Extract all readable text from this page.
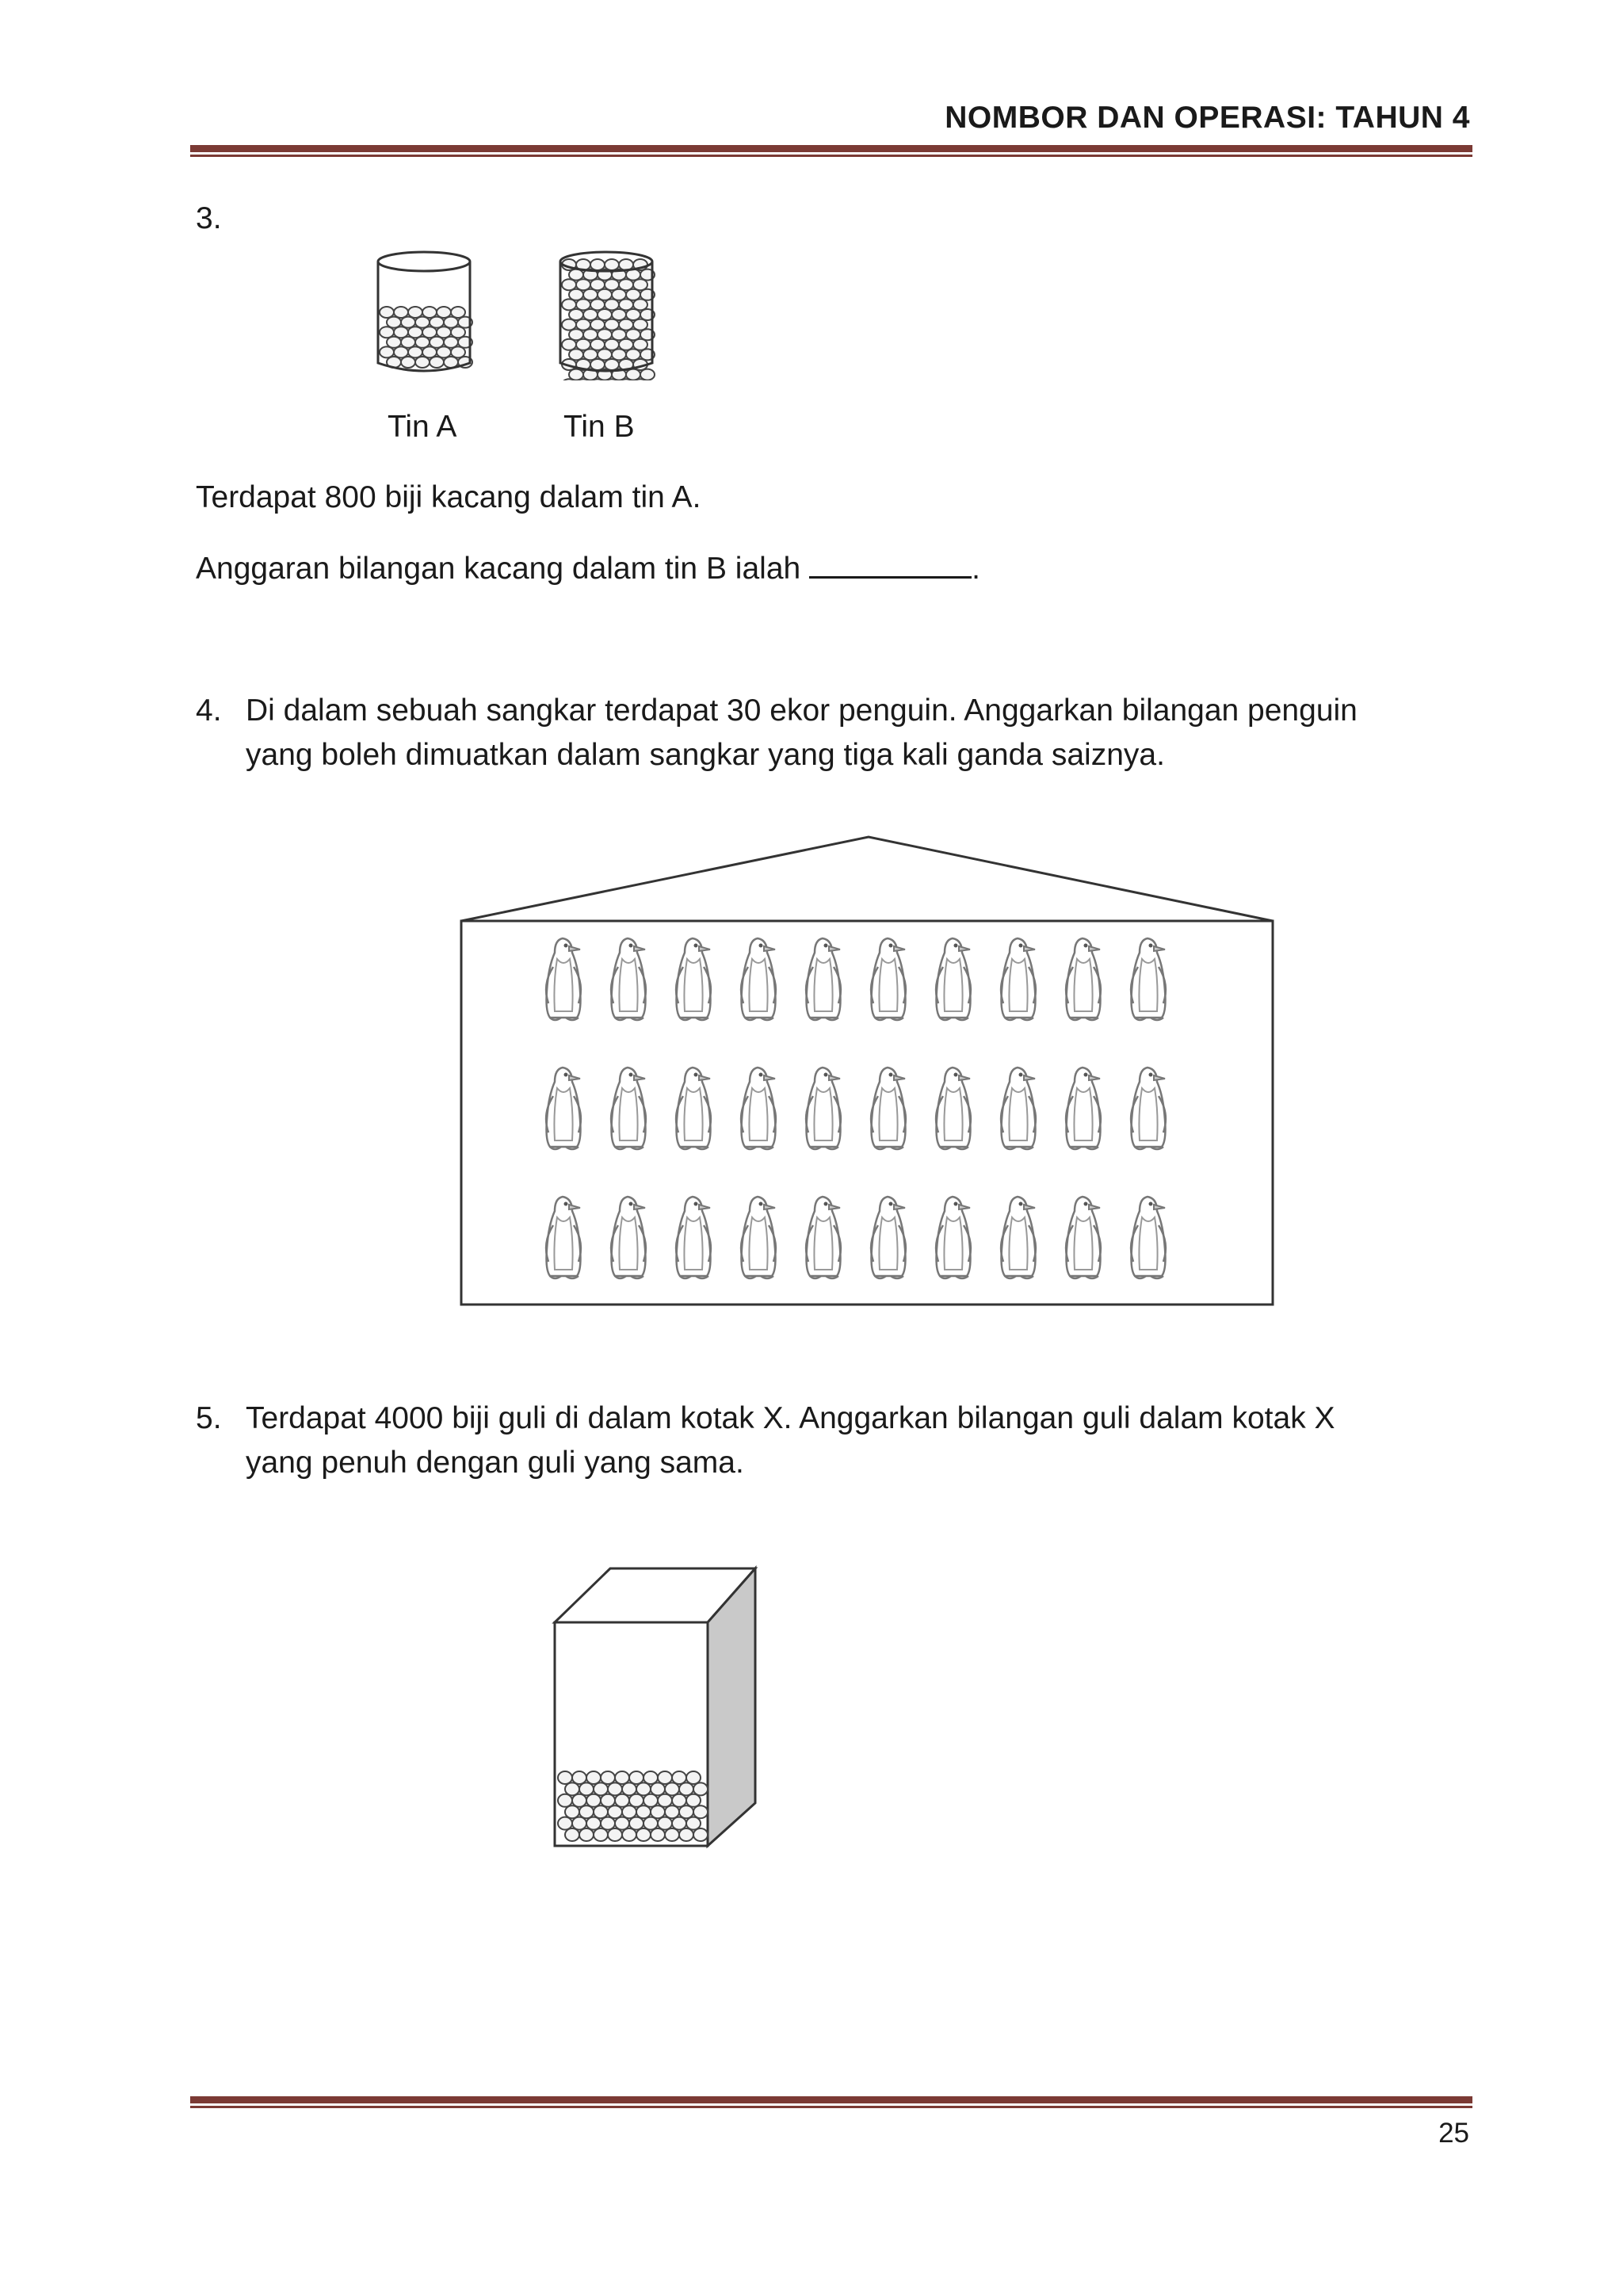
NOMBOR DAN OPERASI: TAHUN 4
3.
Tin A	Tin B
Terdapat 800 biji kacang dalam tin A.
Anggaran bilangan kacang dalam tin B ialah	.
4. Di dalam sebuah sangkar terdapat 30 ekor penguin. Anggarkan bilangan penguin
yang boleh dimuatkan dalam sangkar yang tiga kali ganda saiznya.
5. Terdapat 4000 biji guli di dalam kotak X. Anggarkan bilangan guli dalam kotak X
yang penuh dengan guli yang sama.
25
